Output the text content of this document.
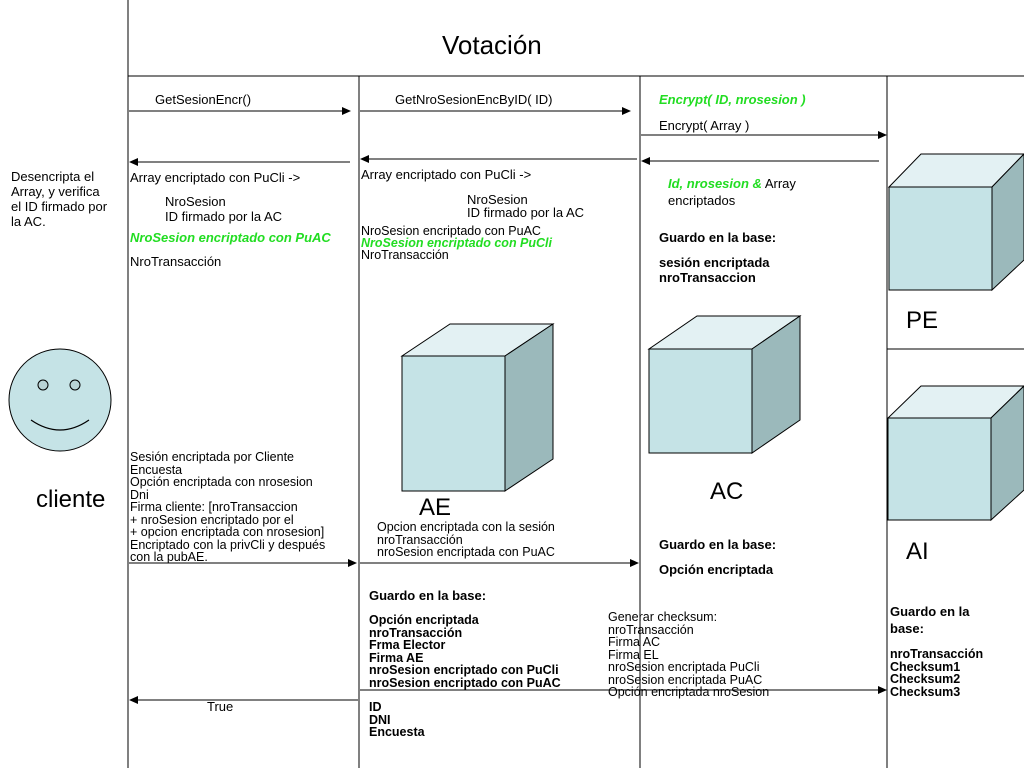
Votación
cliente	AE
AC
PE
AI
Desencripta el
Array, y verifica
el ID firmado por
la AC.
GetSesionEncr()	GetNroSesionEncByID( ID)	Encrypt( ID, nrosesion )
Encrypt( Array )
Array encriptado con PuCli ->
NroSesion
ID firmado por la AC
NroSesion encriptado con PuAC
NroTransacción
Array encriptado con PuCli ->
NroSesion
ID firmado por la AC
NroSesion encriptado con PuAC
NroSesion encriptado con PuCli
NroTransacción
Id, nrosesion & Array
encriptados
Guardo en la base:
sesión encriptada
nroTransaccion
Sesión encriptada por Cliente
Encuesta
Opción encriptada con nrosesion
Dni
Firma cliente: [nroTransaccion
+ nroSesion encriptado por el
+ opcion encriptada con nrosesion]
Encriptado con la privCli y después
con la pubAE.
Opcion encriptada con la sesión
nroTransacción
nroSesion encriptada con PuAC	Guardo en la base:
Opción encriptada
Guardo en la base:
Opción encriptada
nroTransacción
Frma Elector
Firma AE
nroSesion encriptado con PuCli
nroSesion encriptado con PuAC
ID
DNI
Encuesta
Generar checksum:
nroTransacción
Firma AC
Firma EL
nroSesion encriptada PuCli
nroSesion encriptada PuAC
Opción encriptada nroSesion
Guardo en la
base:
nroTransacción
Checksum1
Checksum2
Checksum3
True
